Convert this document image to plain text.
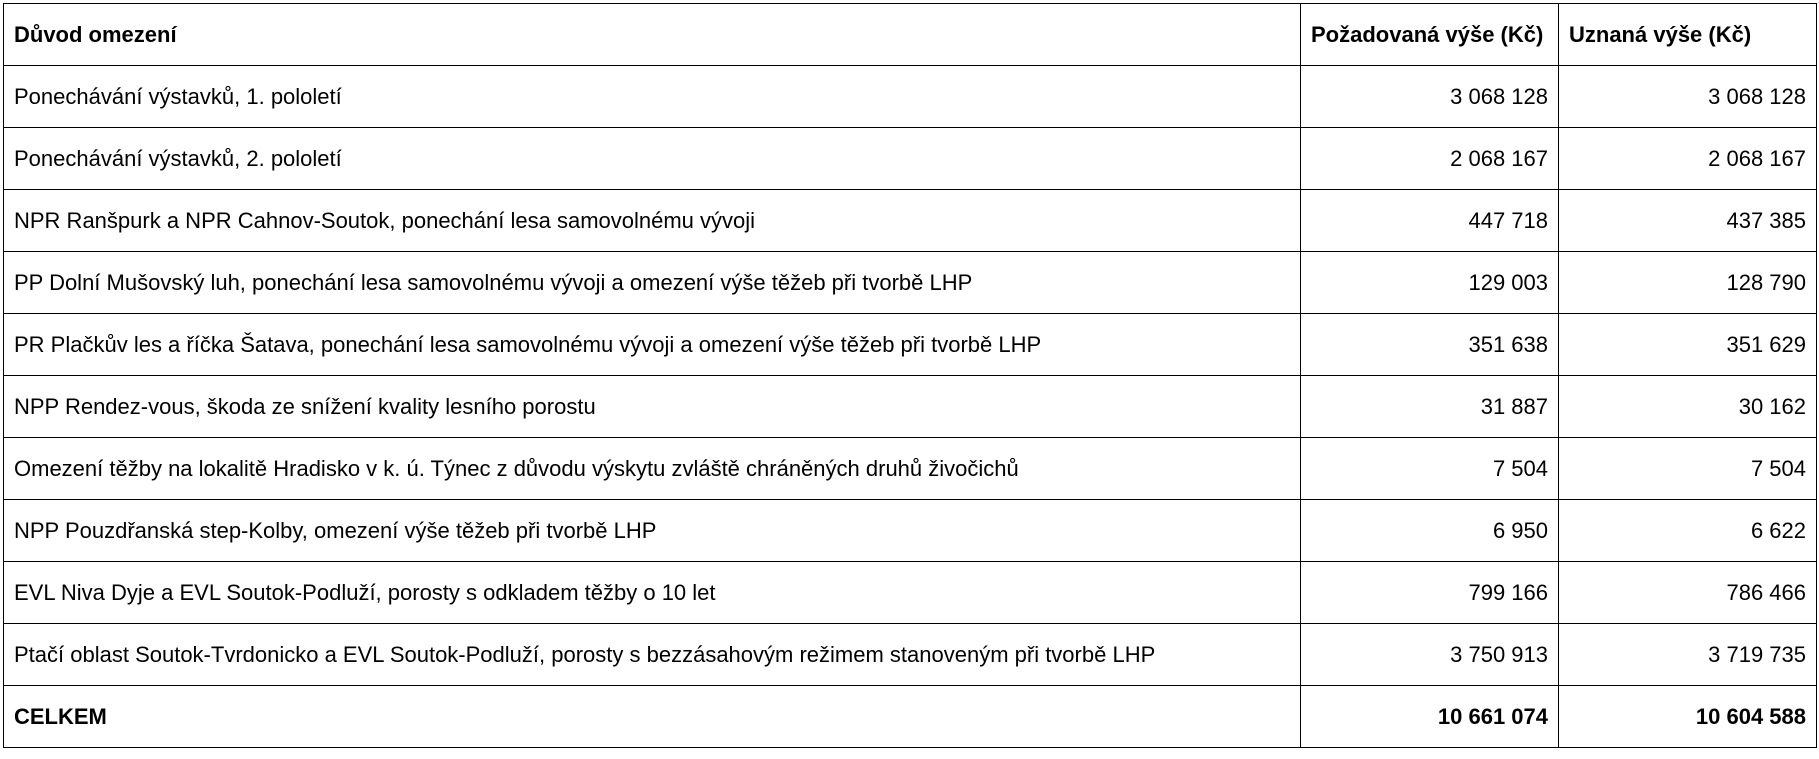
Důvod omezení	Požadovaná výše (Kč)	Uznaná výše (Kč)
Ponechávání výstavků, 1. pololetí	3 068 128	3 068 128
Ponechávání výstavků, 2. pololetí	2 068 167	2 068 167
NPR Ranšpurk a NPR Cahnov-Soutok, ponechání lesa samovolnému vývoji	447 718	437 385
PP Dolní Mušovský luh, ponechání lesa samovolnému vývoji a omezení výše těžeb při tvorbě LHP	129 003	128 790
PR Plačkův les a říčka Šatava, ponechání lesa samovolnému vývoji a omezení výše těžeb při tvorbě LHP	351 638	351 629
NPP Rendez-vous, škoda ze snížení kvality lesního porostu	31 887	30 162
Omezení těžby na lokalitě Hradisko v k. ú. Týnec z důvodu výskytu zvláště chráněných druhů živočichů	7 504	7 504
NPP Pouzdřanská step-Kolby, omezení výše těžeb při tvorbě LHP	6 950	6 622
EVL Niva Dyje a EVL Soutok-Podluží, porosty s odkladem těžby o 10 let	799 166	786 466
Ptačí oblast Soutok-Tvrdonicko a EVL Soutok-Podluží, porosty s bezzásahovým režimem stanoveným při tvorbě LHP	3 750 913	3 719 735
CELKEM	10 661 074	10 604 588
